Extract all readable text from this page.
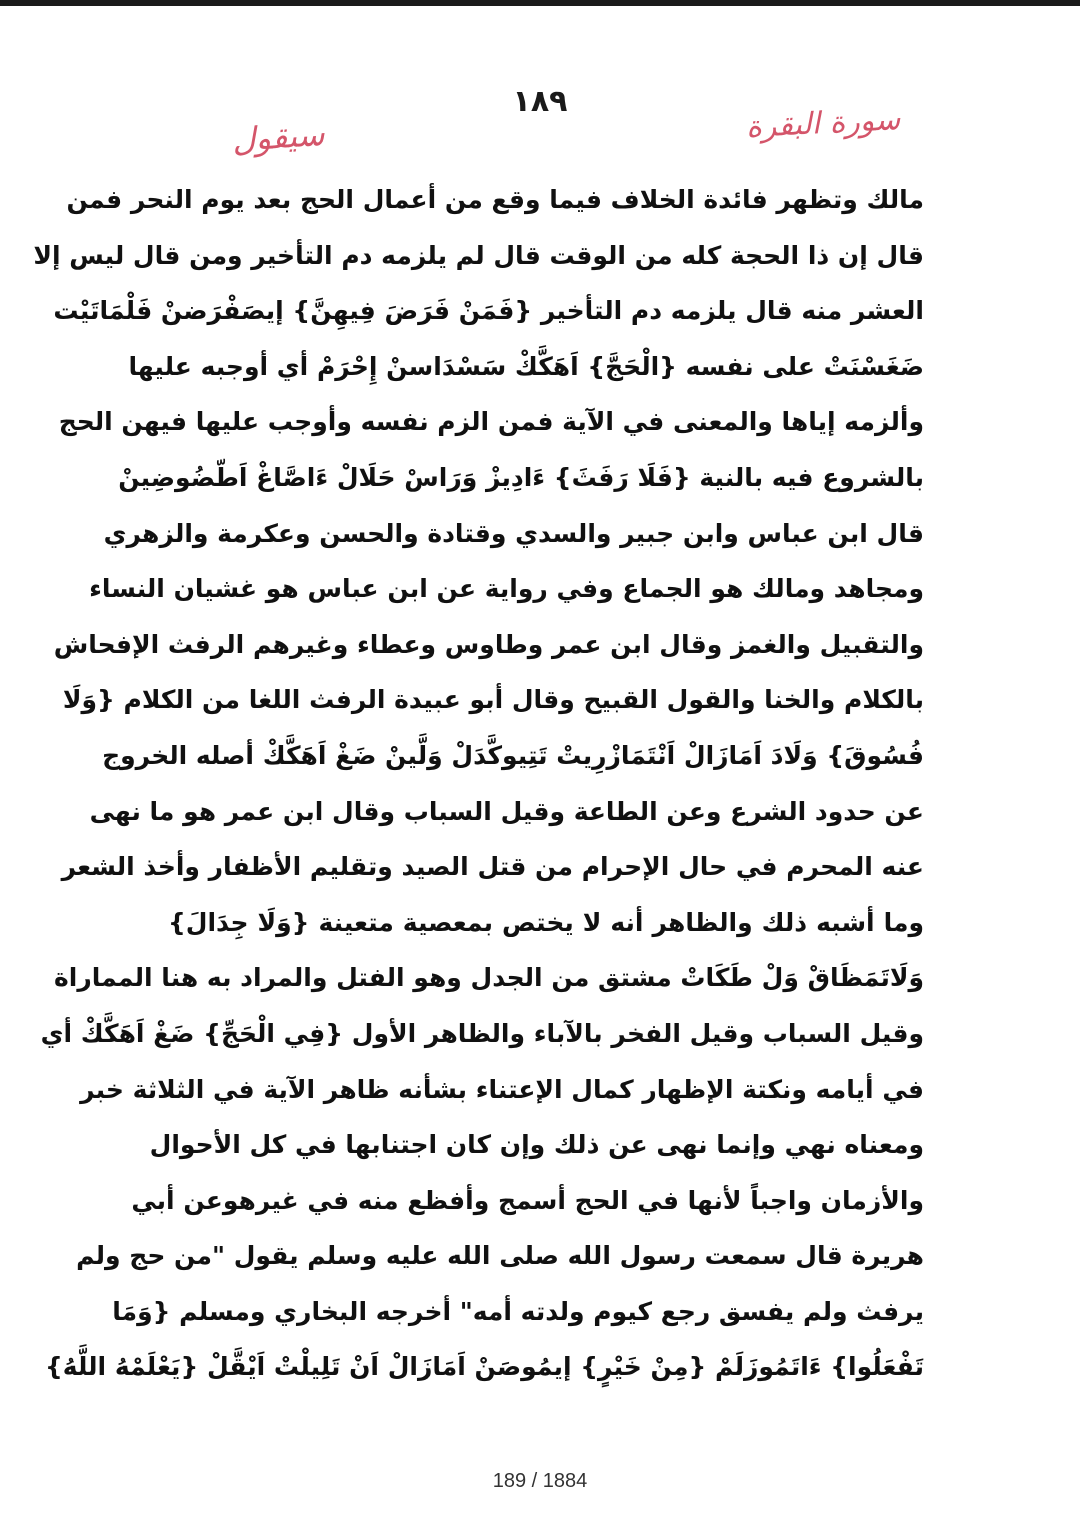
سيقول
١٨٩
سورة البقرة
مالك وتظهر فائدة الخلاف فيما وقع من أعمال الحج بعد يوم النحر فمن
قال إن ذا الحجة كله من الوقت قال لم يلزمه دم التأخير ومن قال ليس إلا
العشر منه قال يلزمه دم التأخير {فَمَنْ فَرَضَ فِيهِنَّ} إيصَفْرَضنْ فَلْمَاتَيْت
ضَغَسْنَتْ على نفسه {الْحَجَّ} اَهَكَّكْ سَسْدَاسنْ إِحْرَمْ أي أوجبه عليها
وألزمه إياها والمعنى في الآية فمن الزم نفسه وأوجب عليها فيهن الحج
بالشروع فيه بالنية {فَلَا رَفَثَ} ءَادِيزْ وَرَاسْ حَلَالْ ءَاصَّاغْ اَطّضُوضِينْ
قال ابن عباس وابن جبير والسدي وقتادة والحسن وعكرمة والزهري
ومجاهد ومالك هو الجماع وفي رواية عن ابن عباس هو غشيان النساء
والتقبيل والغمز وقال ابن عمر وطاوس وعطاء وغيرهم الرفث الإفحاش
بالكلام والخنا والقول القبيح وقال أبو عبيدة الرفث اللغا من الكلام {وَلَا
فُسُوقَ} وَلَادَ اَمَازَالْ اَنْتَمَازْرِيتْ تَتِيوكَّدَلْ وَلَّينْ ضَغْ اَهَكَّكْ أصله الخروج
عن حدود الشرع وعن الطاعة وقيل السباب وقال ابن عمر هو ما نهى
عنه المحرم في حال الإحرام من قتل الصيد وتقليم الأظفار وأخذ الشعر
وما أشبه ذلك والظاهر أنه لا يختص بمعصية متعينة {وَلَا جِدَالَ}
وَلَاتَمَظَاقْ وَلْ طَكَاتْ مشتق من الجدل وهو الفتل والمراد به هنا المماراة
وقيل السباب وقيل الفخر بالآباء والظاهر الأول {فِي الْحَجِّ} ضَغْ اَهَكَّكْ أي
في أيامه ونكتة الإظهار كمال الإعتناء بشأنه ظاهر الآية في الثلاثة خبر
ومعناه نهي وإنما نهى عن ذلك وإن كان اجتنابها في كل الأحوال
والأزمان واجباً لأنها في الحج أسمج وأفظع منه في غيرهوعن أبي
هريرة قال سمعت رسول الله صلى الله عليه وسلم يقول "من حج ولم
يرفث ولم يفسق رجع كيوم ولدته أمه" أخرجه البخاري ومسلم {وَمَا
تَفْعَلُوا} ءَاتَمُوزَلَمْ {مِنْ خَيْرٍ} إيمُوصَنْ اَمَازَالْ اَنْ تَلِيلْتْ اَيْقَّلْ {يَعْلَمْهُ اللَّهُ}
189 / 1884
